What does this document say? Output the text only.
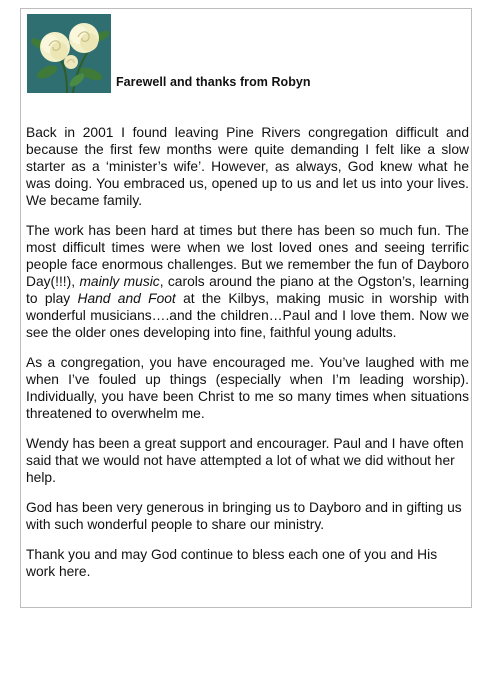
Farewell and thanks from Robyn

Back in 2001 I found leaving Pine Rivers congregation difficult and because the first few months were quite demanding I felt like a slow starter as a ‘minister’s wife’. However, as always, God knew what he was doing. You embraced us, opened up to us and let us into your lives. We became family.

The work has been hard at times but there has been so much fun. The most difficult times were when we lost loved ones and seeing terrific people face enormous challenges. But we remember the fun of Dayboro Day(!!!), mainly music, carols around the piano at the Ogston’s, learning to play Hand and Foot at the Kilbys, making music in worship with wonderful musicians….and the children…Paul and I love them. Now we see the older ones developing into fine, faithful young adults.

As a congregation, you have encouraged me. You’ve laughed with me when I’ve fouled up things (especially when I’m leading worship). Individually, you have been Christ to me so many times when situations threatened to overwhelm me.

Wendy has been a great support and encourager. Paul and I have often said that we would not have attempted a lot of what we did without her help.

God has been very generous in bringing us to Dayboro and in gifting us with such wonderful people to share our ministry.

Thank you and may God continue to bless each one of you and His work here.
